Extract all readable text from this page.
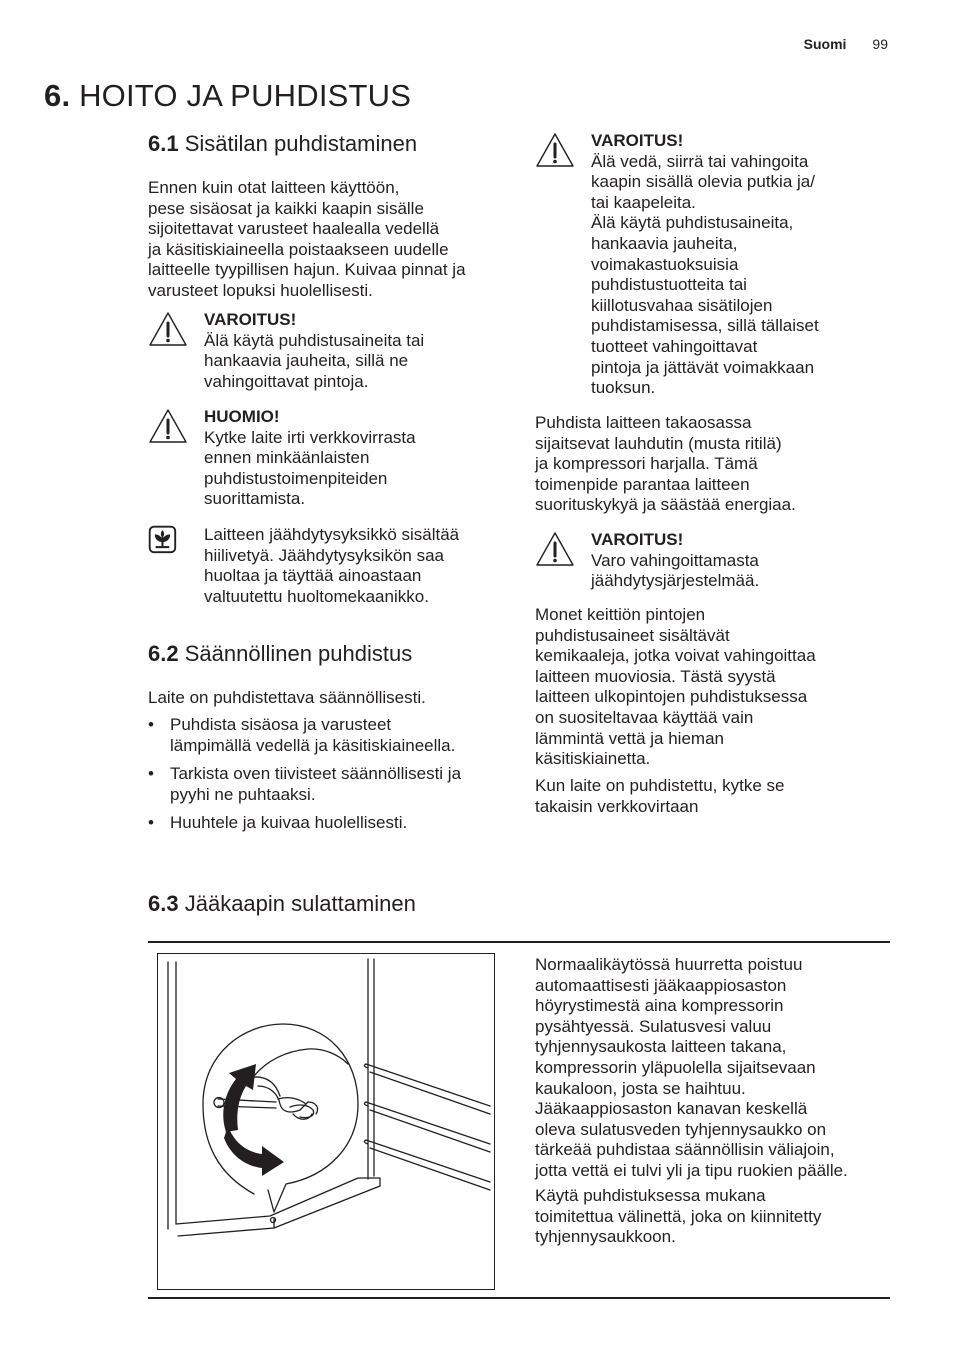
Suomi 99
6. HOITO JA PUHDISTUS
6.1 Sisätilan puhdistaminen
Ennen kuin otat laitteen käyttöön,
pese sisäosat ja kaikki kaapin sisälle
sijoitettavat varusteet haalealla vedellä
ja käsitiskiaineella poistaakseen uudelle
laitteelle tyypillisen hajun. Kuivaa pinnat ja
varusteet lopuksi huolellisesti.
VAROITUS!
Älä käytä puhdistusaineita tai
hankaavia jauheita, sillä ne
vahingoittavat pintoja.
HUOMIO!
Kytke laite irti verkkovirrasta
ennen minkäänlaisten
puhdistustoimenpiteiden
suorittamista.
Laitteen jäähdytysyksikkö sisältää
hiilivetyä. Jäähdytysyksikön saa
huoltaa ja täyttää ainoastaan
valtuutettu huoltomekaanikko.
6.2 Säännöllinen puhdistus
Laite on puhdistettava säännöllisesti.
• Puhdista sisäosa ja varusteet
lämpimällä vedellä ja käsitiskiaineella.
• Tarkista oven tiivisteet säännöllisesti ja
pyyhi ne puhtaaksi.
• Huuhtele ja kuivaa huolellisesti.
VAROITUS!
Älä vedä, siirrä tai vahingoita
kaapin sisällä olevia putkia ja/
tai kaapeleita.
Älä käytä puhdistusaineita,
hankaavia jauheita,
voimakastuoksuisia
puhdistustuotteita tai
kiillotusvahaa sisätilojen
puhdistamisessa, sillä tällaiset
tuotteet vahingoittavat
pintoja ja jättävät voimakkaan
tuoksun.
Puhdista laitteen takaosassa
sijaitsevat lauhdutin (musta ritilä)
ja kompressori harjalla. Tämä
toimenpide parantaa laitteen
suorituskykyä ja säästää energiaa.
VAROITUS!
Varo vahingoittamasta
jäähdytysjärjestelmää.
Monet keittiön pintojen
puhdistusaineet sisältävät
kemikaaleja, jotka voivat vahingoittaa
laitteen muoviosia. Tästä syystä
laitteen ulkopintojen puhdistuksessa
on suositeltavaa käyttää vain
lämmintä vettä ja hieman
käsitiskiainetta.
Kun laite on puhdistettu, kytke se
takaisin verkkovirtaan
6.3 Jääkaapin sulattaminen
Normaalikäytössä huurretta poistuu
automaattisesti jääkaappiosaston
höyrystimestä aina kompressorin
pysähtyessä. Sulatusvesi valuu
tyhjennysaukosta laitteen takana,
kompressorin yläpuolella sijaitsevaan
kaukaloon, josta se haihtuu.
Jääkaappiosaston kanavan keskellä
oleva sulatusveden tyhjennysaukko on
tärkeää puhdistaa säännöllisin väliajoin,
jotta vettä ei tulvi yli ja tipu ruokien päälle.
Käytä puhdistuksessa mukana
toimitettua välinettä, joka on kiinnitetty
tyhjennysaukkoon.
